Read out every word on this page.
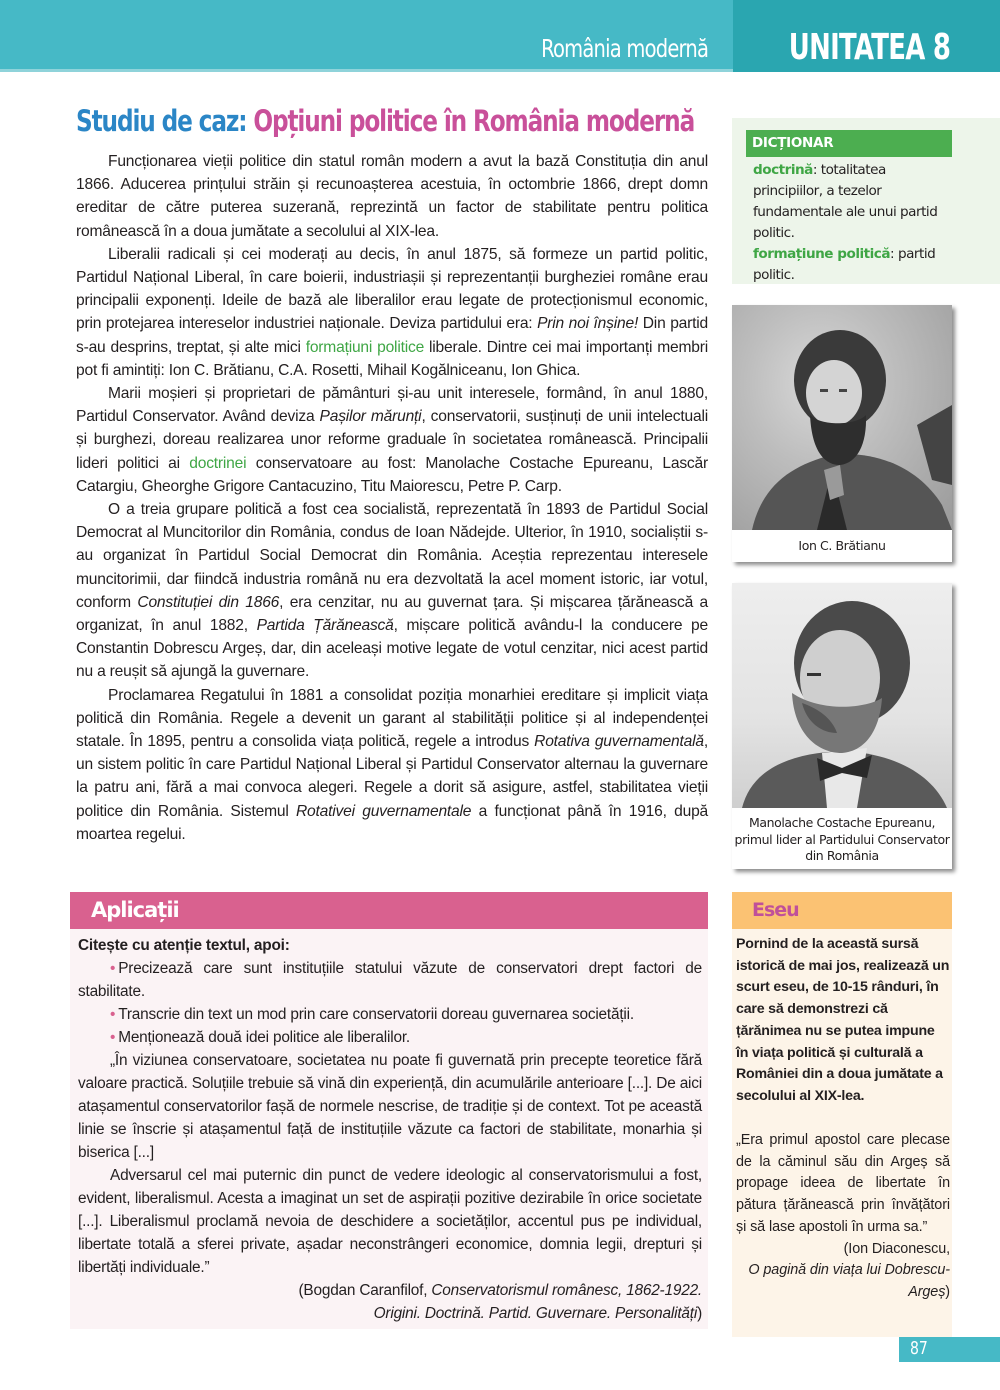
România modernă UNITATEA 8
Studiu de caz: Opțiuni politice în România modernă

Funcționarea vieții politice din statul român modern a avut la bază Constituția din anul 1866. Aducerea prințului străin și recunoașterea acestuia, în octombrie 1866, drept domn ereditar de către puterea suzerană, reprezintă un factor de stabilitate pentru politica românească în a doua jumătate a secolului al XIX-lea.

Liberalii radicali și cei moderați au decis, în anul 1875, să formeze un partid politic, Partidul Național Liberal, în care boierii, industriașii și reprezentanții burgheziei române erau principalii exponenți. Ideile de bază ale liberalilor erau legate de protecționismul economic, prin protejarea intereselor industriei naționale. Deviza partidului era: Prin noi înșine! Din partid s-au desprins, treptat, și alte mici formațiuni politice liberale. Dintre cei mai importanți membri pot fi amintiți: Ion C. Brătianu, C.A. Rosetti, Mihail Kogălniceanu, Ion Ghica.

Marii moșieri și proprietari de pământuri și-au unit interesele, formând, în anul 1880, Partidul Conservator. Având deviza Pașilor mărunți, conservatorii, susținuți de unii intelectuali și burghezi, doreau realizarea unor reforme graduale în societatea românească. Principalii lideri politici ai doctrinei conservatoare au fost: Manolache Costache Epureanu, Lascăr Catargiu, Gheorghe Grigore Cantacuzino, Titu Maiorescu, Petre P. Carp.

O a treia grupare politică a fost cea socialistă, reprezentată în 1893 de Partidul Social Democrat al Muncitorilor din România, condus de Ioan Nădejde. Ulterior, în 1910, socialiștii s-au organizat în Partidul Social Democrat din România. Aceștia reprezentau interesele muncitorimii, dar fiindcă industria română nu era dezvoltată la acel moment istoric, iar votul, conform Constituției din 1866, era cenzitar, nu au guvernat țara. Și mișcarea țărănească a organizat, în anul 1882, Partida Țărănească, mișcare politică avându-l la conducere pe Constantin Dobrescu Argeș, dar, din aceleași motive legate de votul cenzitar, nici acest partid nu a reușit să ajungă la guvernare.

Proclamarea Regatului în 1881 a consolidat poziția monarhiei ereditare și implicit viața politică din România. Regele a devenit un garant al stabilității politice și al independenței statale. În 1895, pentru a consolida viața politică, regele a introdus Rotativa guvernamentală, un sistem politic în care Partidul Național Liberal și Partidul Conservator alternau la guvernare la patru ani, fără a mai convoca alegeri. Regele a dorit să asigure, astfel, stabilitatea vieții politice din România. Sistemul Rotativei guvernamentale a funcționat până în 1916, după moartea regelui.

DICȚIONAR
doctrină: totalitatea principiilor, a tezelor fundamentale ale unui partid politic.
formațiune politică: partid politic.
Ion C. Brătianu
Manolache Costache Epureanu, primul lider al Partidului Conservator din România
Aplicații
Citește cu atenție textul, apoi:
• Precizează care sunt instituțiile statului văzute de conservatori drept factori de stabilitate.
• Transcrie din text un mod prin care conservatorii doreau guvernarea societății.
• Menționează două idei politice ale liberalilor.

„În viziunea conservatoare, societatea nu poate fi guvernată prin precepte teoretice fără valoare practică. Soluțiile trebuie să vină din experiență, din acumulările anterioare [...]. De aici atașamentul conservatorilor fașă de normele nescrise, de tradiție și de context. Tot pe această linie se înscrie și atașamentul față de instituțiile văzute ca factori de stabilitate, monarhia și biserica [...]

Adversarul cel mai puternic din punct de vedere ideologic al conservatorismului a fost, evident, liberalismul. Acesta a imaginat un set de aspirații pozitive dezirabile în orice societate [...]. Liberalismul proclamă nevoia de deschidere a societăților, accentul pus pe individual, libertate totală a sferei private, așadar neconstrângeri economice, domnia legii, drepturi și libertăți individuale.”

(Bogdan Caranfilof, Conservatorismul românesc, 1862-1922.
Origini. Doctrină. Partid. Guvernare. Personalități)
Eseu
Pornind de la această sursă istorică de mai jos, realizează un scurt eseu, de 10-15 rânduri, în care să demonstrezi că țărănimea nu se putea impune în viața politică și culturală a României din a doua jumătate a secolului al XIX-lea.
„Era primul apostol care plecase de la căminul său din Argeș să propage ideea de libertate în pătura țărănească prin învățători și să lase apostoli în urma sa.”
(Ion Diaconescu,
O pagină din viața lui Dobrescu-Argeș)
87
